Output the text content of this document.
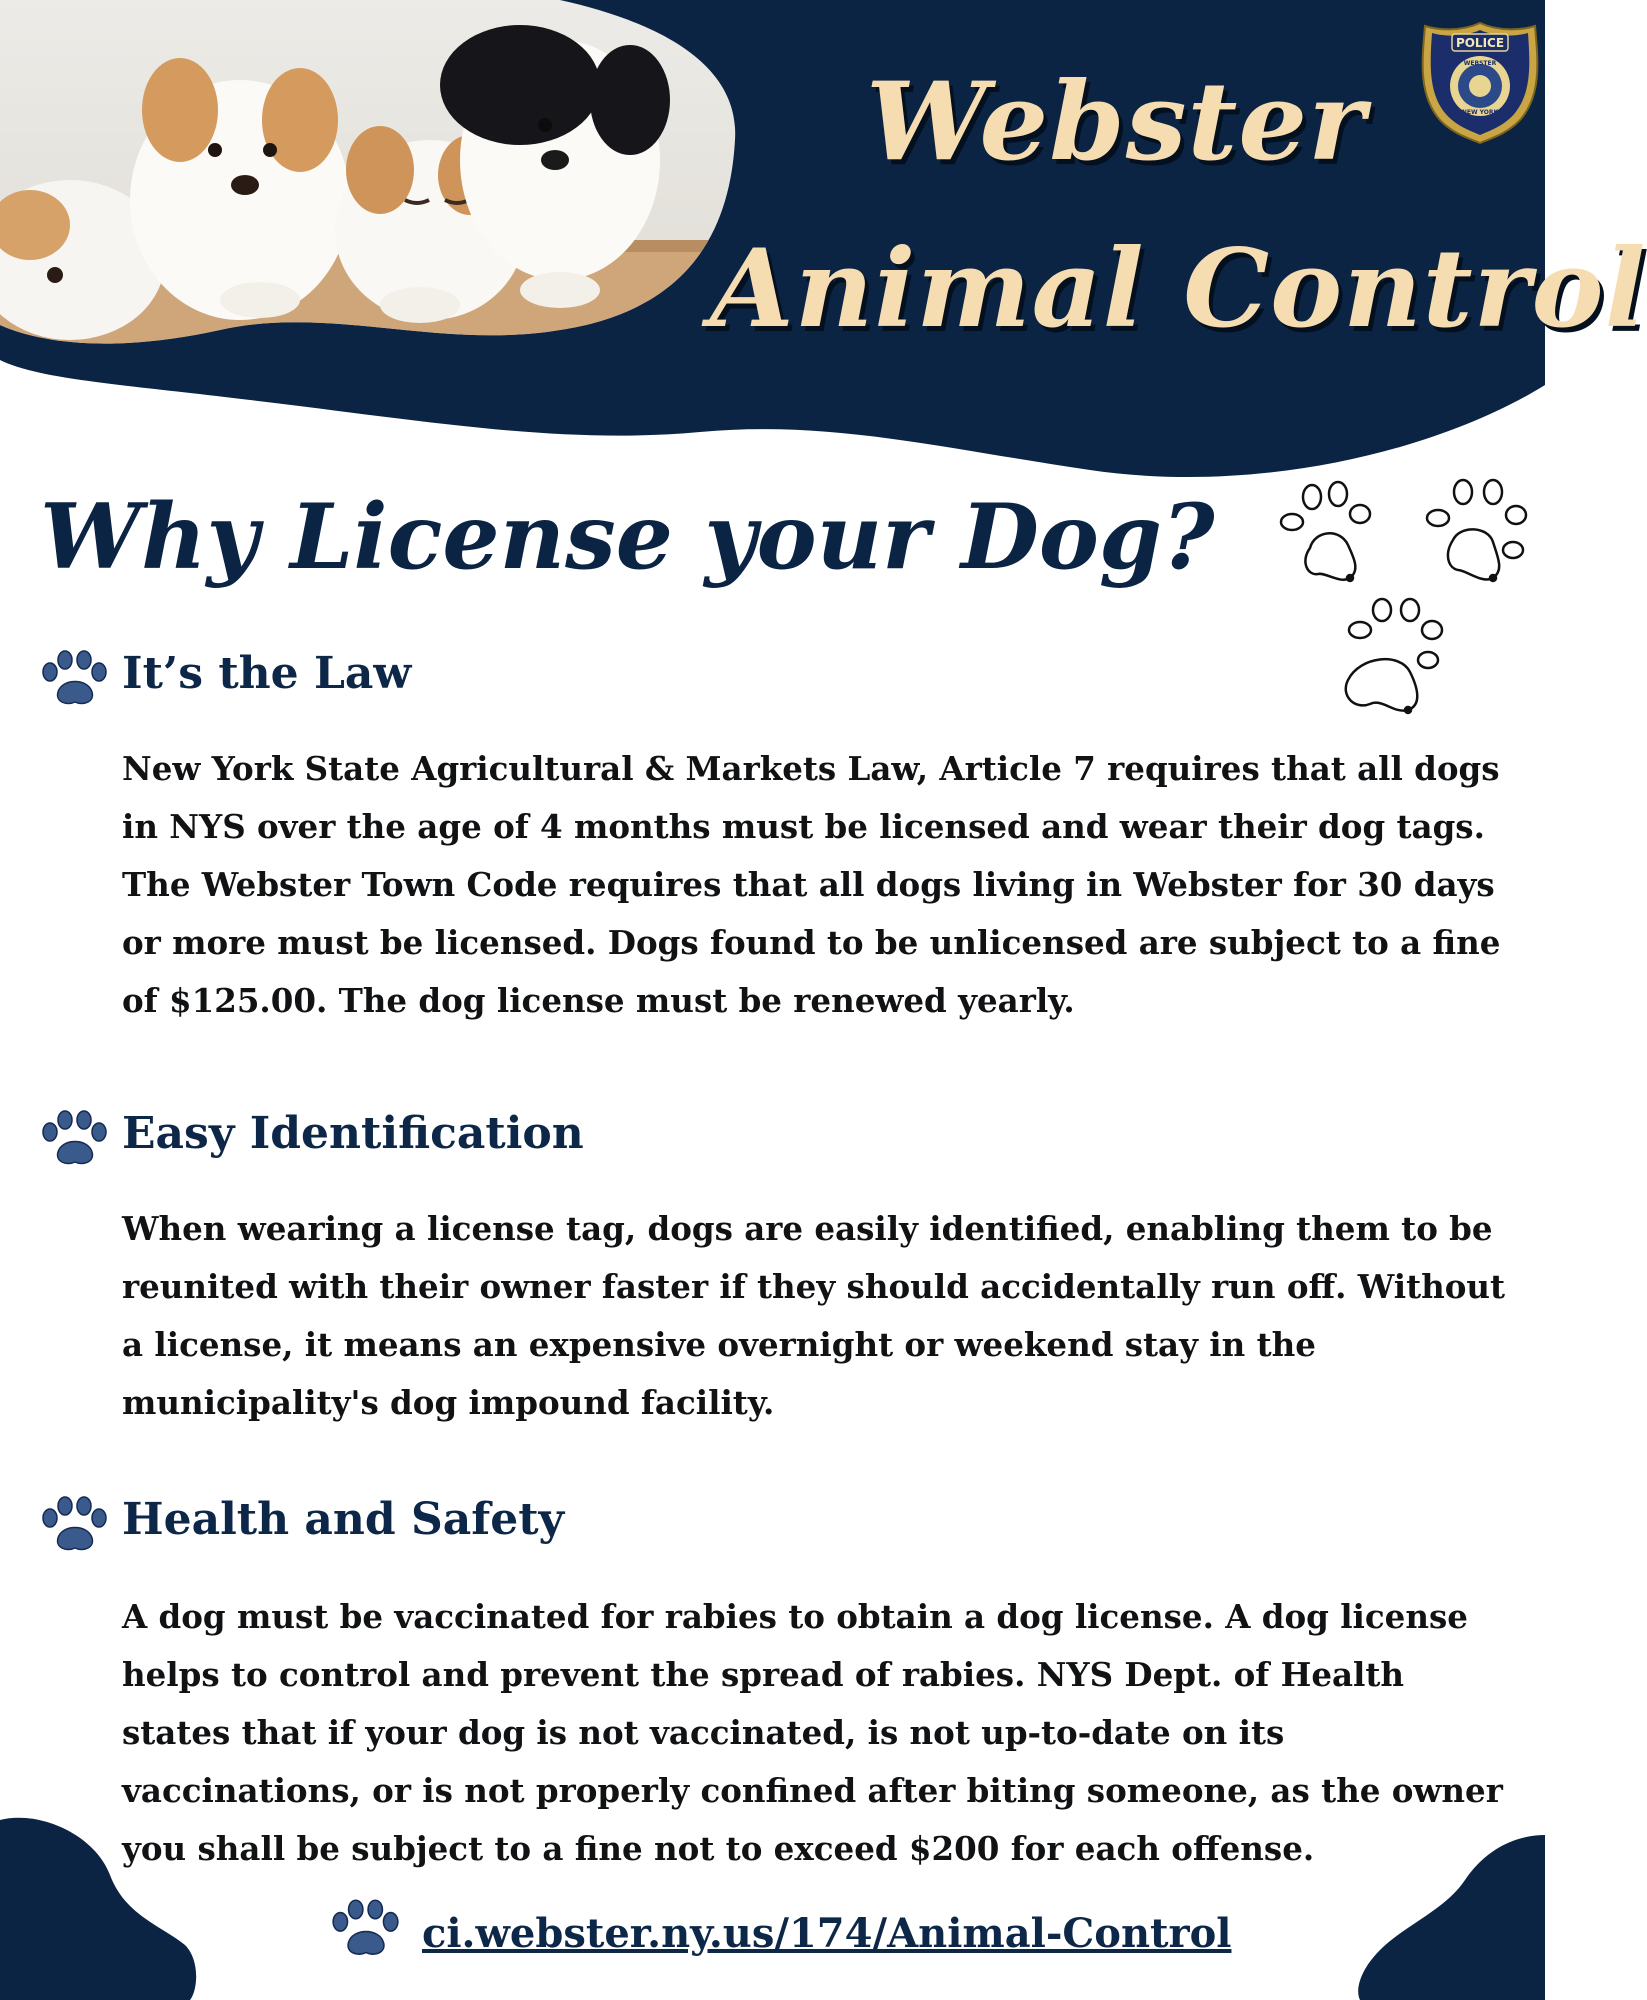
Webster
Animal Control
POLICE
WEBSTER
NEW YORK
Why License your Dog?
It’s the Law

New York State Agricultural & Markets Law, Article 7 requires that all dogs in NYS over the age of 4 months must be licensed and wear their dog tags. The Webster Town Code requires that all dogs living in Webster for 30 days or more must be licensed. Dogs found to be unlicensed are subject to a fine of $125.00. The dog license must be renewed yearly.

Easy Identification

When wearing a license tag, dogs are easily identified, enabling them to be reunited with their owner faster if they should accidentally run off. Without a license, it means an expensive overnight or weekend stay in the municipality's dog impound facility.

Health and Safety

A dog must be vaccinated for rabies to obtain a dog license. A dog license helps to control and prevent the spread of rabies. NYS Dept. of Health states that if your dog is not vaccinated, is not up-to-date on its vaccinations, or is not properly confined after biting someone, as the owner you shall be subject to a fine not to exceed $200 for each offense.

ci.webster.ny.us/174/Animal-Control
